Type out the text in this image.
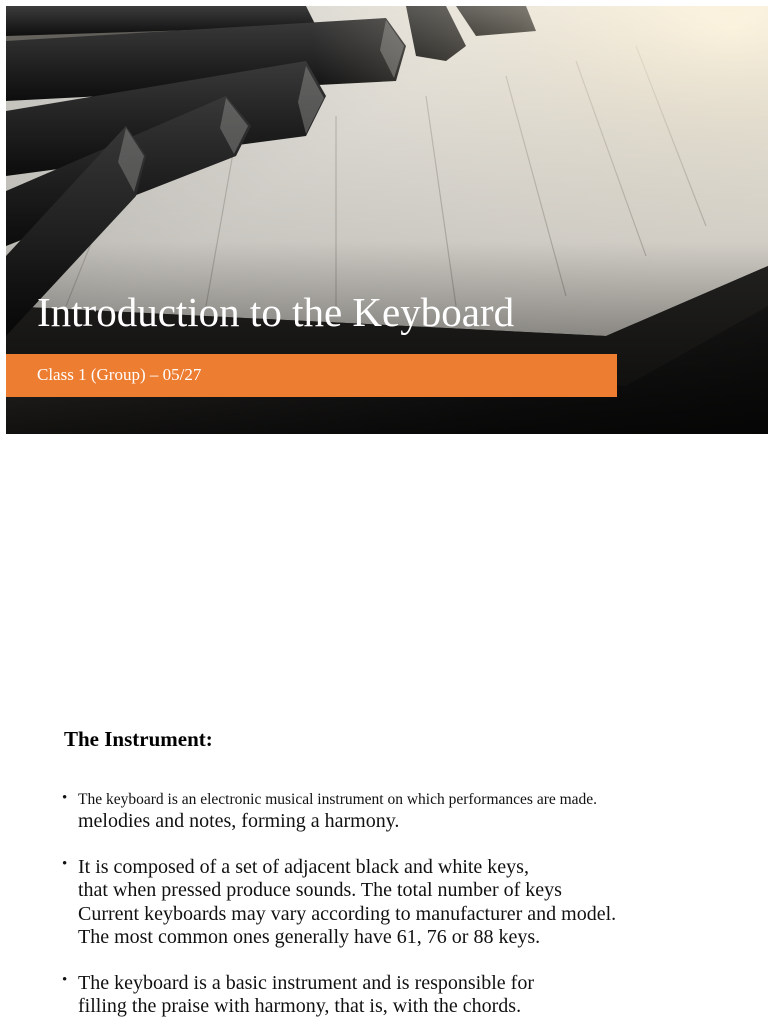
Introduction to the Keyboard
Class 1 (Group) – 05/27
The Instrument:
• The keyboard is an electronic musical instrument on which performances are made.
melodies and notes, forming a harmony.
• It is composed of a set of adjacent black and white keys,
that when pressed produce sounds. The total number of keys
Current keyboards may vary according to manufacturer and model.
The most common ones generally have 61, 76 or 88 keys.
• The keyboard is a basic instrument and is responsible for
filling the praise with harmony, that is, with the chords.
